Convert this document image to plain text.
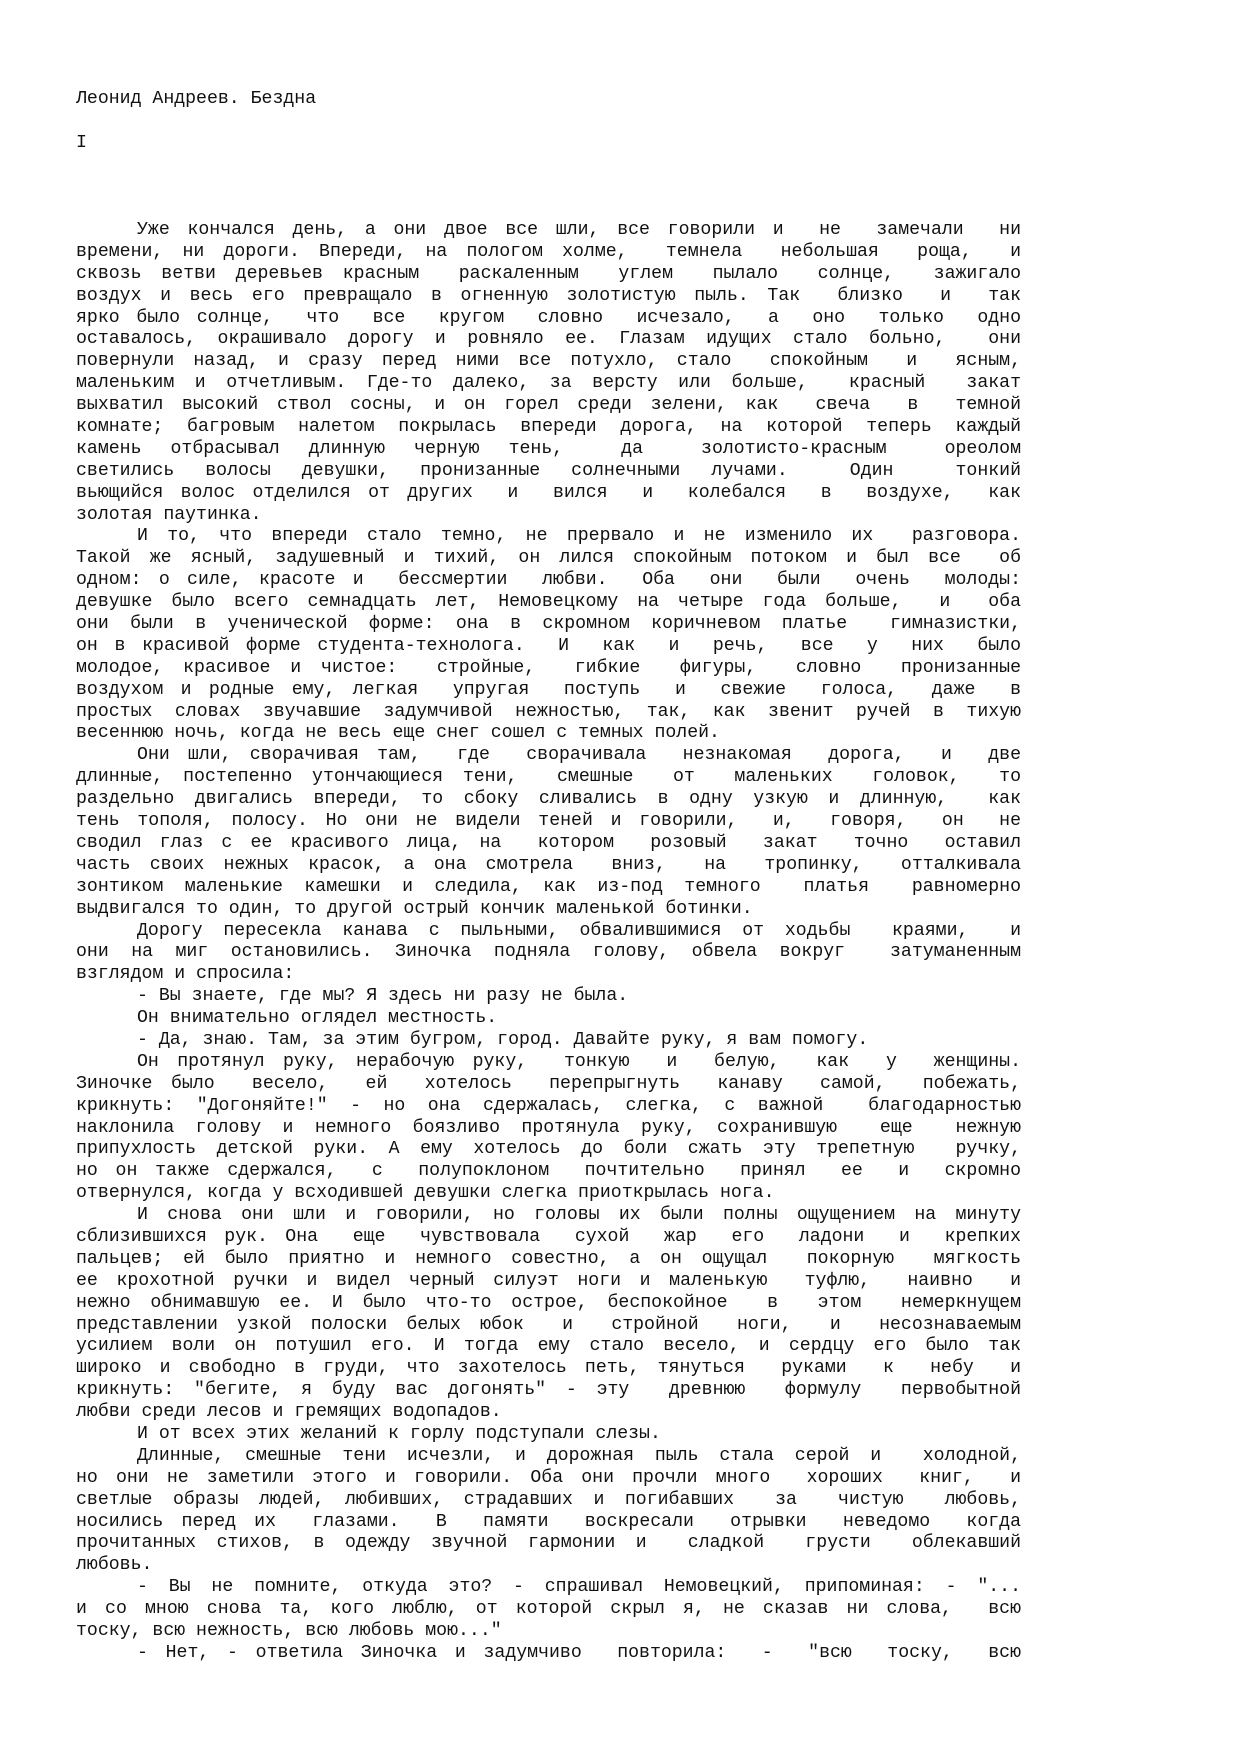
Леонид Андреев. Бездна
I
Уже кончался день, а они двое все шли, все говорили и  не  замечали  ни
времени, ни дороги. Впереди, на пологом холме,  темнела  небольшая  роща,  и
сквозь ветви деревьев красным  раскаленным  углем  пылало  солнце,  зажигало
воздух и весь его превращало в огненную золотистую пыль. Так  близко  и  так
ярко было солнце,  что  все  кругом  словно  исчезало,  а  оно  только  одно
оставалось, окрашивало дорогу и ровняло ее. Глазам идущих стало больно,  они
повернули назад, и сразу перед ними все потухло, стало  спокойным  и  ясным,
маленьким и отчетливым. Где-то далеко, за версту или больше,  красный  закат
выхватил высокий ствол сосны, и он горел среди зелени, как  свеча  в  темной
комнате; багровым налетом покрылась впереди дорога, на которой теперь каждый
камень отбрасывал длинную черную тень,  да  золотисто-красным  ореолом
светились волосы девушки, пронизанные солнечными лучами.  Один  тонкий
вьющийся волос отделился от других  и  вился  и  колебался  в  воздухе,  как
золотая паутинка.
И то, что впереди стало темно, не прервало и не изменило их  разговора.
Такой же ясный, задушевный и тихий, он лился спокойным потоком и был все  об
одном: о силе, красоте и  бессмертии  любви.  Оба  они  были  очень  молоды:
девушке было всего семнадцать лет, Немовецкому на четыре года больше,  и  оба
они были в ученической форме: она в скромном коричневом платье  гимназистки,
он в красивой форме студента-технолога.  И  как  и  речь,  все  у  них  было
молодое, красивое и чистое:  стройные,  гибкие  фигуры,  словно  пронизанные
воздухом и родные ему, легкая  упругая  поступь  и  свежие  голоса,  даже  в
простых словах звучавшие задумчивой нежностью, так, как звенит ручей в тихую
весеннюю ночь, когда не весь еще снег сошел с темных полей.
Они шли, сворачивая там,  где  сворачивала  незнакомая  дорога,  и  две
длинные, постепенно утончающиеся тени,  смешные  от  маленьких  головок,  то
раздельно двигались впереди, то сбоку сливались в одну узкую и длинную,  как
тень тополя, полосу. Но они не видели теней и говорили,  и,  говоря,  он  не
сводил глаз с ее красивого лица, на  котором  розовый  закат  точно  оставил
часть своих нежных красок, а она смотрела  вниз,  на  тропинку,  отталкивала
зонтиком маленькие камешки и следила, как из-под темного  платья  равномерно
выдвигался то один, то другой острый кончик маленькой ботинки.
Дорогу пересекла канава с пыльными, обвалившимися от ходьбы  краями,  и
они на миг остановились. Зиночка подняла голову, обвела вокруг  затуманенным
взглядом и спросила:
- Вы знаете, где мы? Я здесь ни разу не была.
Он внимательно оглядел местность.
- Да, знаю. Там, за этим бугром, город. Давайте руку, я вам помогу.
Он протянул руку, нерабочую руку,  тонкую  и  белую,  как  у  женщины.
Зиночке было  весело,  ей  хотелось  перепрыгнуть  канаву  самой,  побежать,
крикнуть: "Догоняйте!" - но она сдержалась, слегка, с важной  благодарностью
наклонила голову и немного боязливо протянула руку, сохранившую  еще  нежную
припухлость детской руки. А ему хотелось до боли сжать эту трепетную  ручку,
но он также сдержался,  с  полупоклоном  почтительно  принял  ее  и  скромно
отвернулся, когда у всходившей девушки слегка приоткрылась нога.
И снова они шли и говорили, но головы их были полны ощущением на минуту
сблизившихся рук. Она  еще  чувствовала  сухой  жар  его  ладони  и  крепких
пальцев; ей было приятно и немного совестно, а он ощущал  покорную  мягкость
ее крохотной ручки и видел черный силуэт ноги и маленькую  туфлю,  наивно  и
нежно обнимавшую ее. И было что-то острое, беспокойное  в  этом  немеркнущем
представлении узкой полоски белых юбок  и  стройной  ноги,  и  несознаваемым
усилием воли он потушил его. И тогда ему стало весело, и сердцу его было так
широко и свободно в груди, что захотелось петь, тянуться  руками  к  небу  и
крикнуть: "бегите, я буду вас догонять" - эту  древнюю  формулу  первобытной
любви среди лесов и гремящих водопадов.
И от всех этих желаний к горлу подступали слезы.
Длинные, смешные тени исчезли, и дорожная пыль стала серой и  холодной,
но они не заметили этого и говорили. Оба они прочли много  хороших  книг,  и
светлые образы людей, любивших, страдавших и погибавших  за  чистую  любовь,
носились перед их  глазами.  В  памяти  воскресали  отрывки  неведомо  когда
прочитанных стихов, в одежду звучной гармонии и  сладкой  грусти  облекавший
любовь.
- Вы не помните, откуда это? - спрашивал Немовецкий, припоминая: - "...
и со мною снова та, кого люблю, от которой скрыл я, не сказав ни слова,  всю
тоску, всю нежность, всю любовь мою..."
- Нет, - ответила Зиночка и задумчиво  повторила:  -  "всю  тоску,  всю
